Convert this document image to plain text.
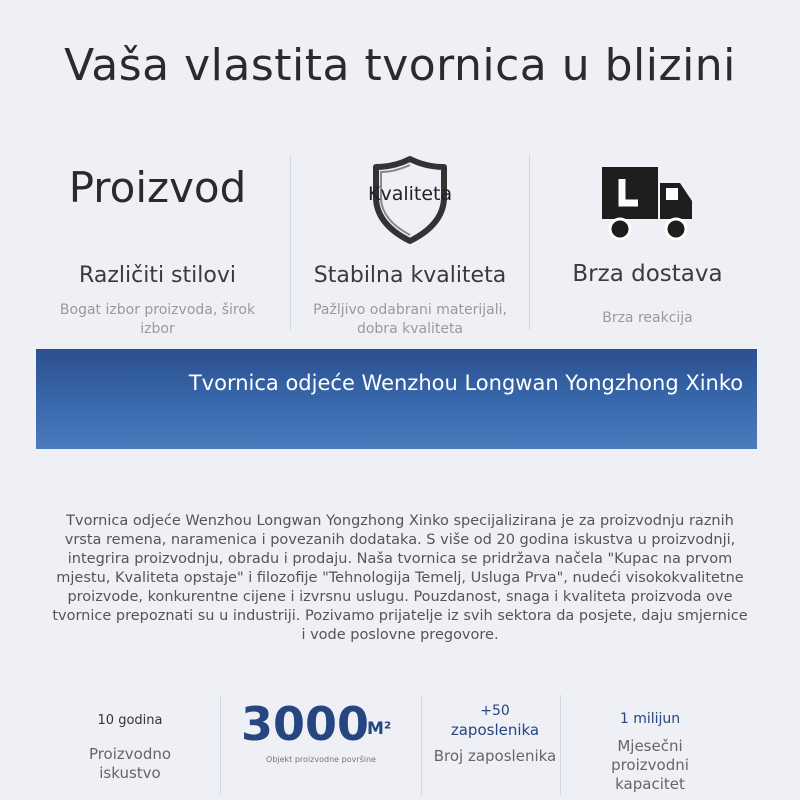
Vaša vlastita tvornica u blizini
Proizvod
Različiti stilovi
Bogat izbor proizvoda, širok izbor
Kvaliteta
Stabilna kvaliteta
Pažljivo odabrani materijali, dobra kvaliteta
Brza dostava
Brza reakcija
Tvornica odjeće Wenzhou Longwan Yongzhong Xinko
Tvornica odjeće Wenzhou Longwan Yongzhong Xinko specijalizirana je za proizvodnju raznih vrsta remena, naramenica i povezanih dodataka. S više od 20 godina iskustva u proizvodnji, integrira proizvodnju, obradu i prodaju. Naša tvornica se pridržava načela "Kupac na prvom mjestu, Kvaliteta opstaje" i filozofije "Tehnologija Temelj, Usluga Prva", nudeći visokokvalitetne proizvode, konkurentne cijene i izvrsnu uslugu. Pouzdanost, snaga i kvaliteta proizvoda ove tvornice prepoznati su u industriji. Pozivamo prijatelje iz svih sektora da posjete, daju smjernice i vode poslovne pregovore.
10 godina
Proizvodno iskustvo
3000
M²
Objekt proizvodne površine
+50
zaposlenika
Broj zaposlenika
1 milijun
Mjesečni proizvodni kapacitet
